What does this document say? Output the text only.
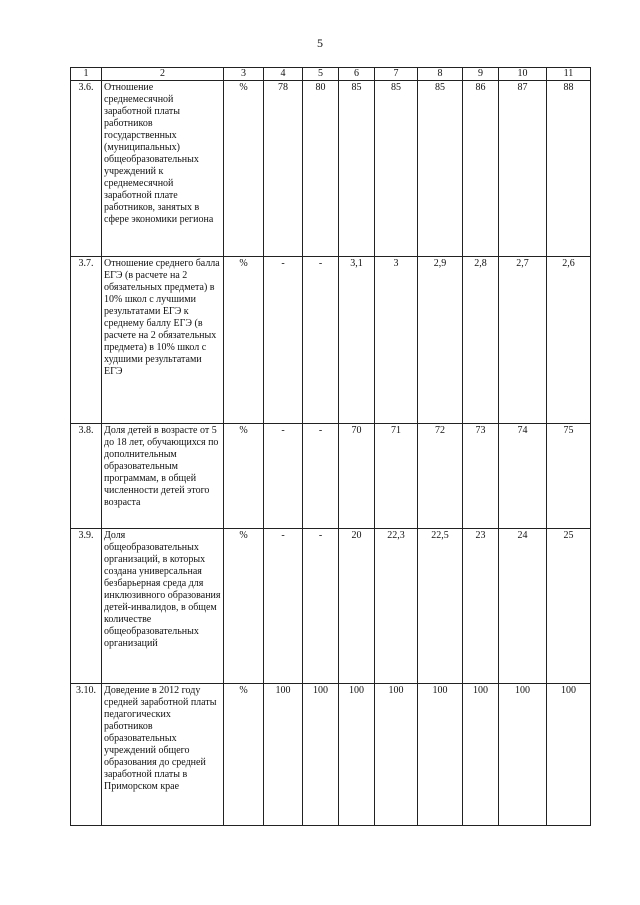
5
1	2	3	4	5	6	7	8	9	10	11
3.6.	Отношение среднемесячной заработной платы работников государственных (муниципальных) общеобразовательных учреждений к среднемесячной заработной плате работников, занятых в сфере экономики региона	%	78	80	85	85	85	86	87	88
3.7.	Отношение среднего балла ЕГЭ (в расчете на 2 обязательных предмета) в 10% школ с лучшими результатами ЕГЭ к среднему баллу ЕГЭ (в расчете на 2 обязательных предмета) в 10% школ с худшими результатами ЕГЭ	%	-	-	3,1	3	2,9	2,8	2,7	2,6
3.8.	Доля детей в возрасте от 5 до 18 лет, обучающихся по дополнительным образовательным программам, в общей численности детей этого возраста	%	-	-	70	71	72	73	74	75
3.9.	Доля общеобразовательных организаций, в которых создана универсальная безбарьерная среда для инклюзивного образования детей-инвалидов, в общем количестве общеобразовательных организаций	%	-	-	20	22,3	22,5	23	24	25
3.10.	Доведение в 2012 году средней заработной платы педагогических работников образовательных учреждений общего образования до средней заработной платы в Приморском крае	%	100	100	100	100	100	100	100	100
